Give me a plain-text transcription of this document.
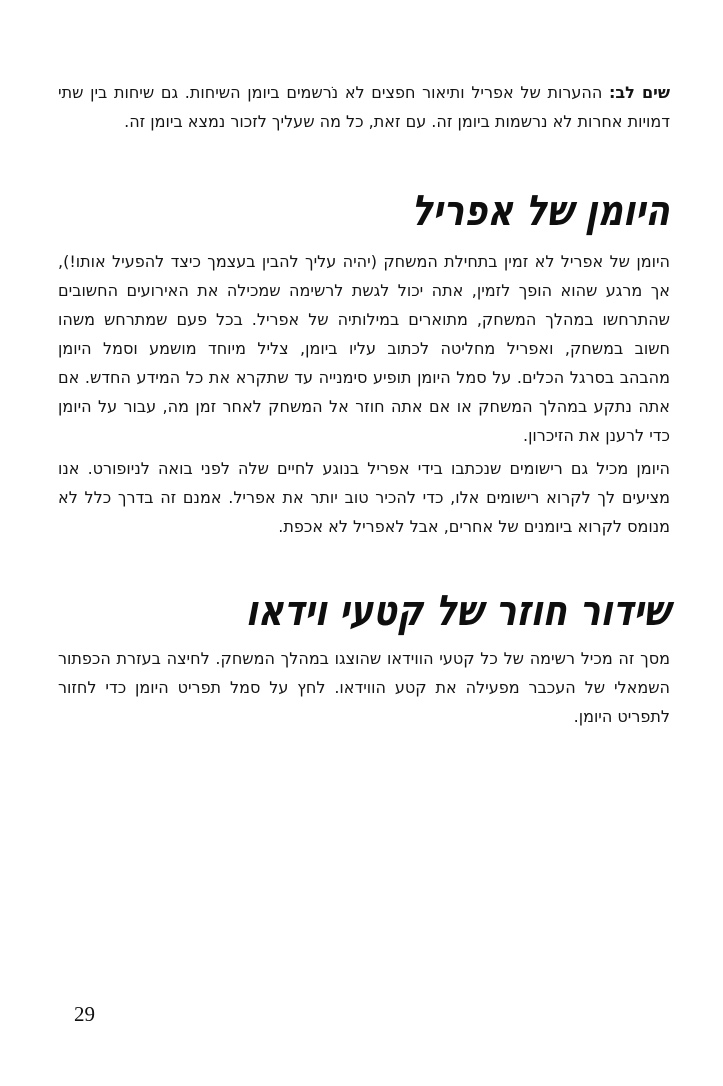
שים לב: ההערות של אפריל ותיאור חפצים לא נֹרשמים ביומן השיחות. גם שיחות בין שתי
דמויות אחרות לא נרשמות ביומן זה. עם זאת, כל מה שעליך לזכור נמצא ביומן זה.
היומן של אפריל
היומן של אפריל לא זמין בתחילת המשחק (יהיה עליך להבין בעצמך כיצד להפעיל אותו!),
אך מרגע שהוא הופך לזמין, אתה יכול לגשת לרשימה שמכילה את האירועים החשובים
שהתרחשו במהלך המשחק, מתוארים במילותיה של אפריל. בכל פעם שמתרחש משהו
חשוב במשחק, ואפריל מחליטה לכתוב עליו ביומן, צליל מיוחד מושמע וסמל היומן
מהבהב בסרגל הכלים. על סמל היומן תופיע סימנייה עד שתקרא את כל המידע החדש. אם
אתה נתקע במהלך המשחק או אם אתה חוזר אל המשחק לאחר זמן מה, עבור על היומן
כדי לרענן את הזיכרון.
היומן מכיל גם רישומים שנכתבו בידי אפריל בנוגע לחיים שלה לפני בואה לניופורט. אנו
מציעים לך לקרוא רישומים אלו, כדי להכיר טוב יותר את אפריל. אמנם זה בדרך כלל לא
מנומס לקרוא ביומנים של אחרים, אבל לאפריל לא אכפת.
שידור חוזר של קטעי וידאו
מסך זה מכיל רשימה של כל קטעי הווידאו שהוצגו במהלך המשחק. לחיצה בעזרת הכפתור
השמאלי של העכבר מפעילה את קטע הווידאו. לחץ על סמל תפריט היומן כדי לחזור
לתפריט היומן.
29
